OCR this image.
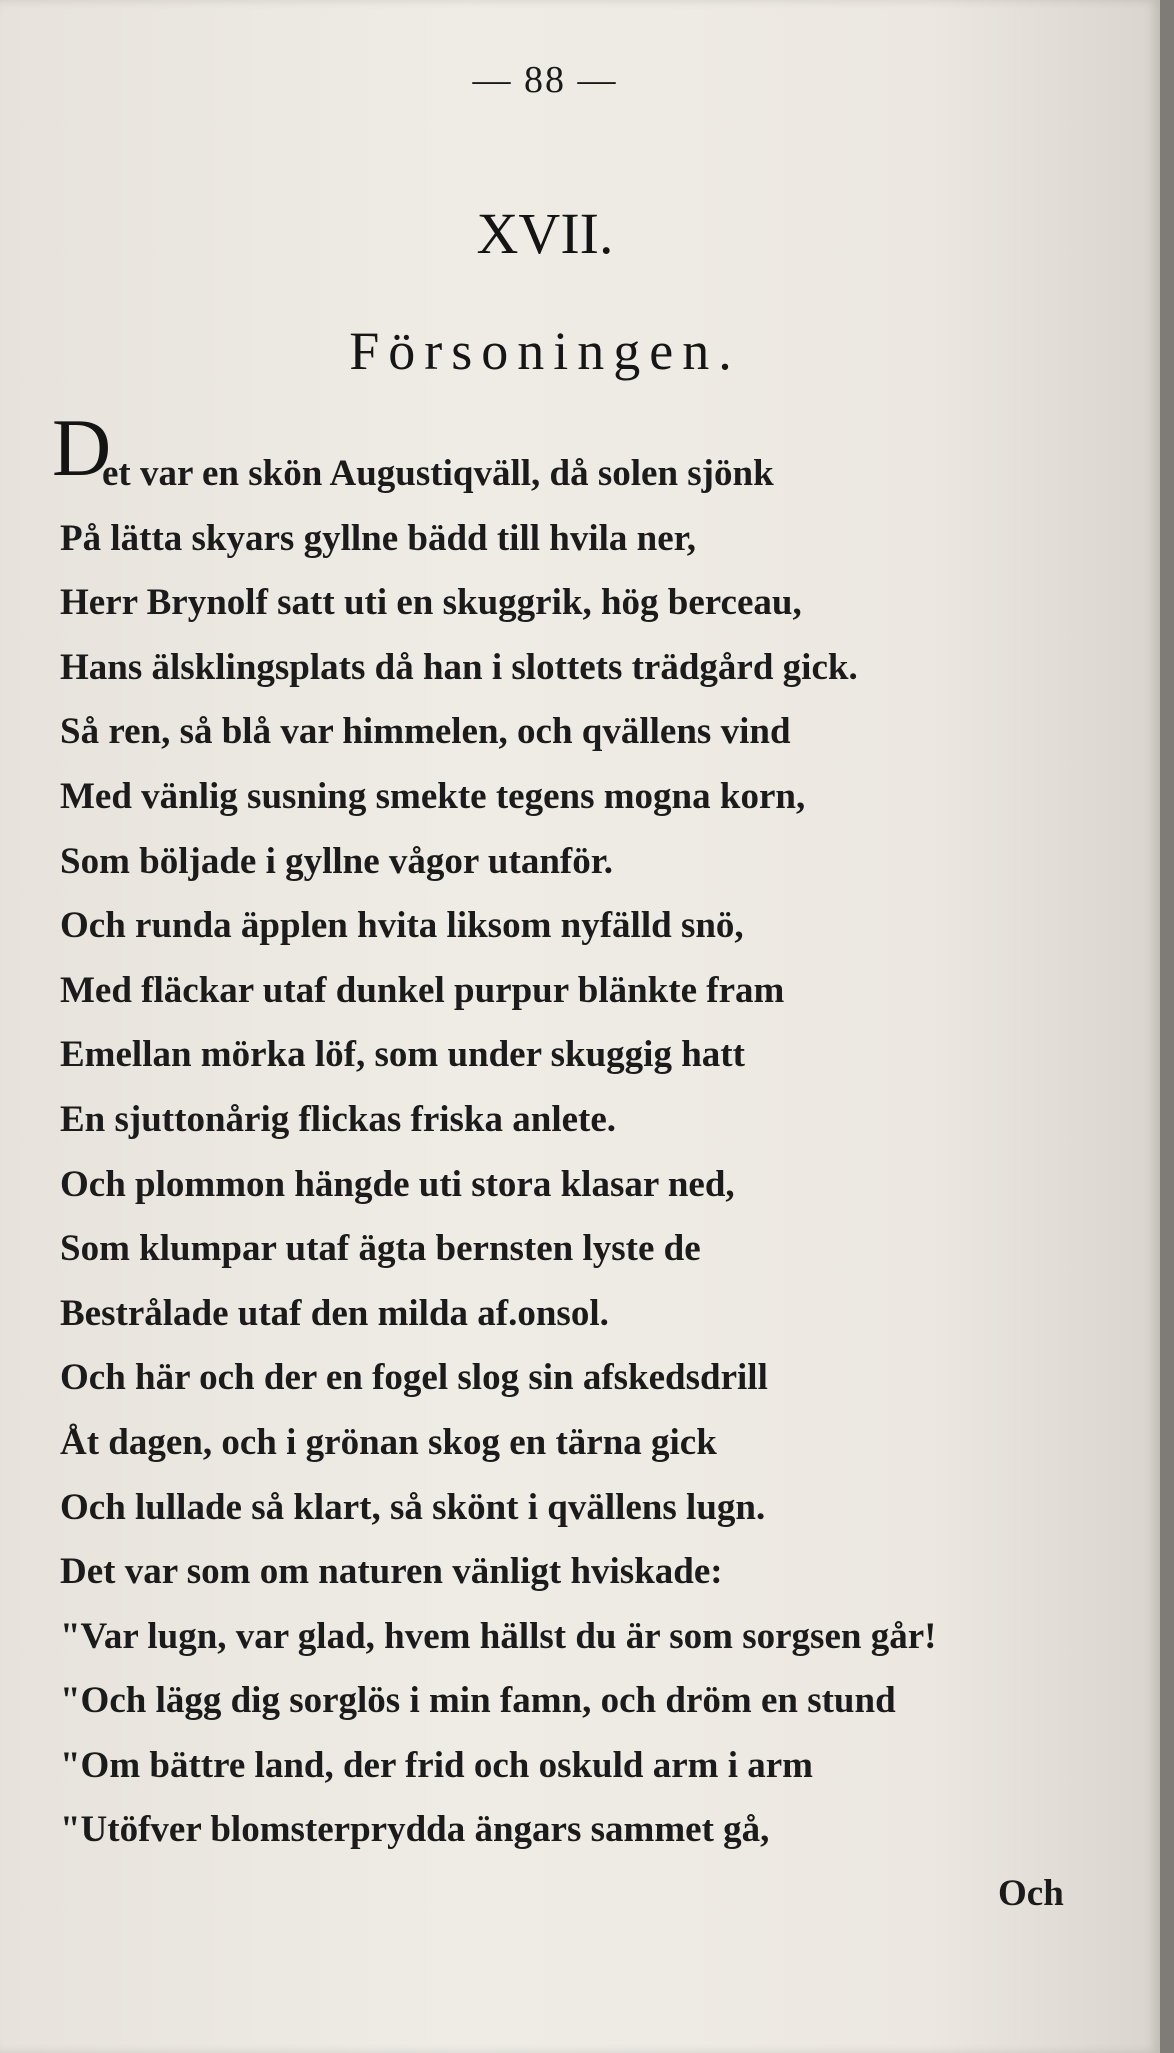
— 88 —
XVII.
Försoningen.
D
et var en skön Augustiqväll, då solen sjönk
På lätta skyars gyllne bädd till hvila ner,
Herr Brynolf satt uti en skuggrik, hög berceau,
Hans älsklingsplats då han i slottets trädgård gick.
Så ren, så blå var himmelen, och qvällens vind
Med vänlig susning smekte tegens mogna korn,
Som böljade i gyllne vågor utanför.
Och runda äpplen hvita liksom nyfälld snö,
Med fläckar utaf dunkel purpur blänkte fram
Emellan mörka löf, som under skuggig hatt
En sjuttonårig flickas friska anlete.
Och plommon hängde uti stora klasar ned,
Som klumpar utaf ägta bernsten lyste de
Bestrålade utaf den milda af.onsol.
Och här och der en fogel slog sin afskedsdrill
Åt dagen, och i grönan skog en tärna gick
Och lullade så klart, så skönt i qvällens lugn.
Det var som om naturen vänligt hviskade:
"Var lugn, var glad, hvem hällst du är som sorgsen går!
"Och lägg dig sorglös i min famn, och dröm en stund
"Om bättre land, der frid och oskuld arm i arm
"Utöfver blomsterprydda ängars sammet gå,
Och
